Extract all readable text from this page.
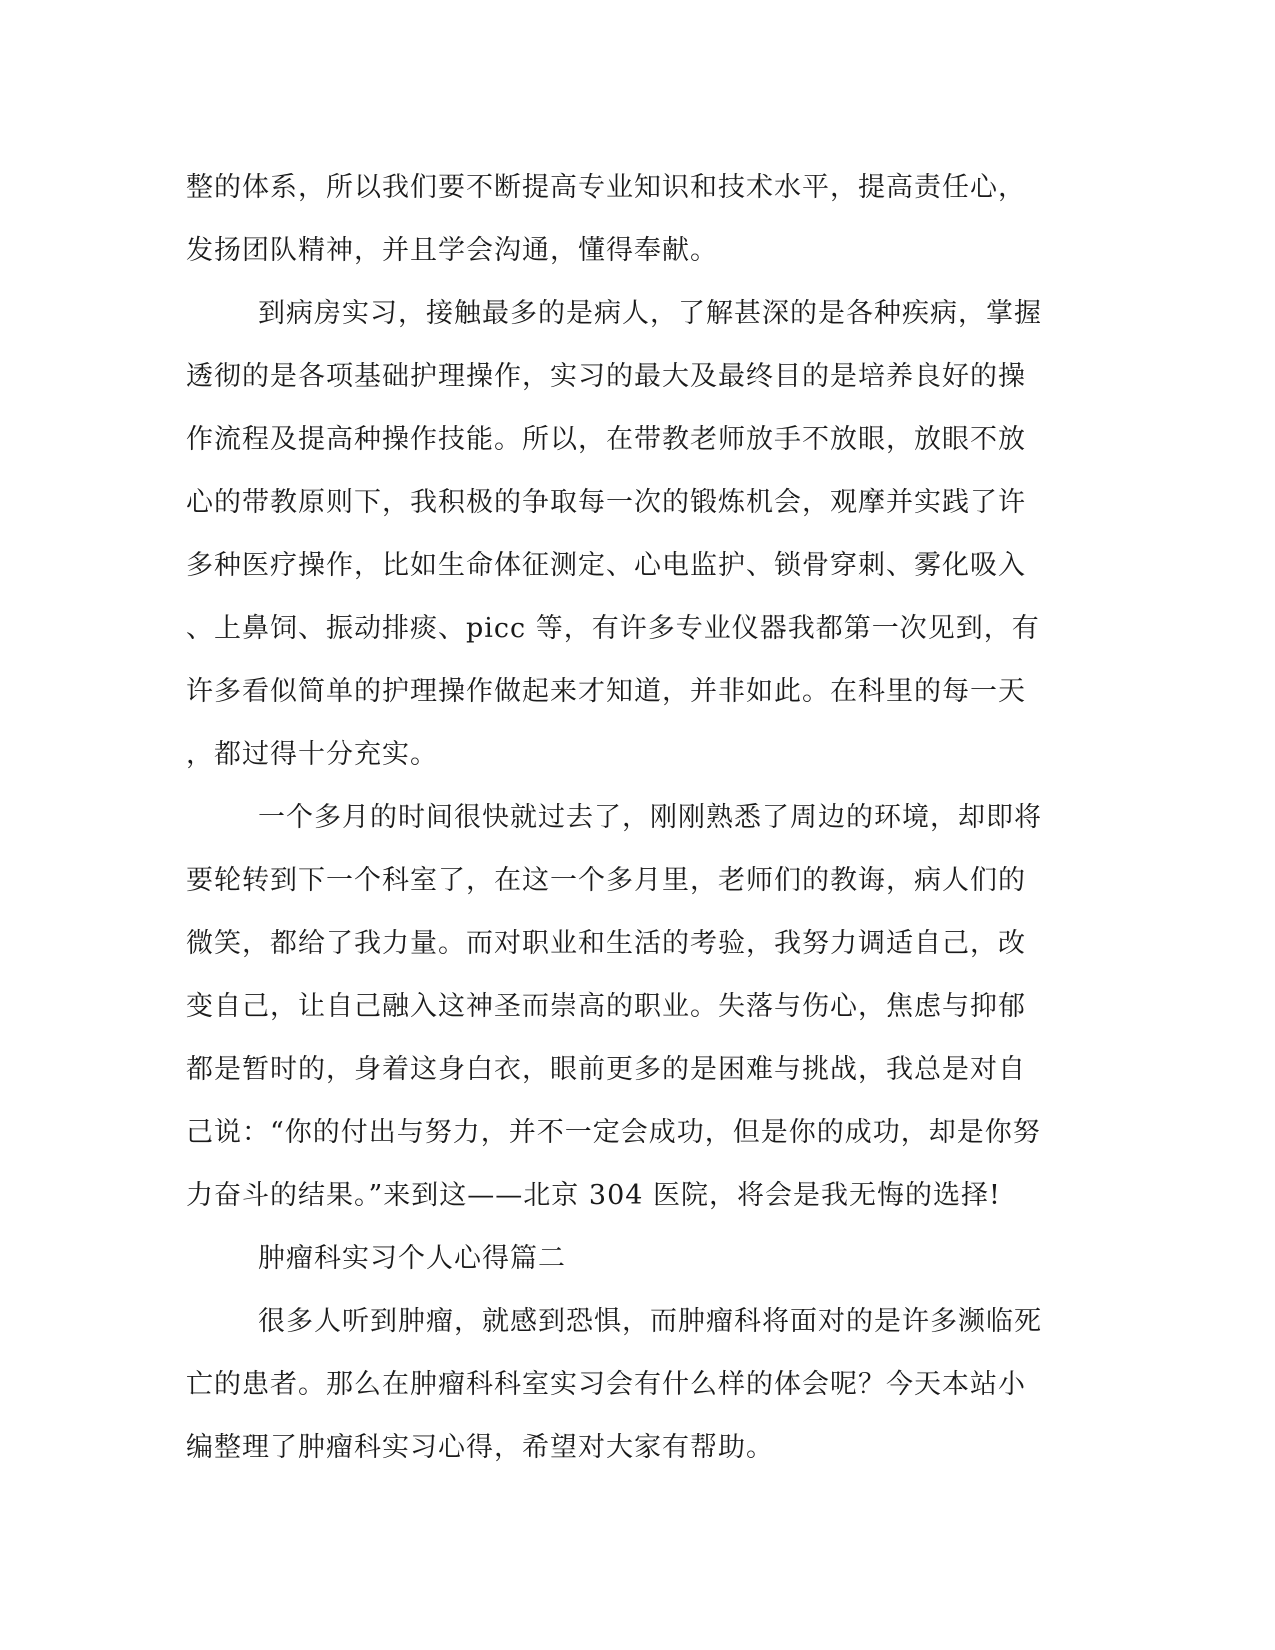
整的体系，所以我们要不断提高专业知识和技术水平，提高责任心，
发扬团队精神，并且学会沟通，懂得奉献。
到病房实习，接触最多的是病人，了解甚深的是各种疾病，掌握
透彻的是各项基础护理操作，实习的最大及最终目的是培养良好的操
作流程及提高种操作技能。所以，在带教老师放手不放眼，放眼不放
心的带教原则下，我积极的争取每一次的锻炼机会，观摩并实践了许
多种医疗操作，比如生命体征测定、心电监护、锁骨穿刺、雾化吸入
、上鼻饲、振动排痰、picc 等，有许多专业仪器我都第一次见到，有
许多看似简单的护理操作做起来才知道，并非如此。在科里的每一天
，都过得十分充实。
一个多月的时间很快就过去了，刚刚熟悉了周边的环境，却即将
要轮转到下一个科室了，在这一个多月里，老师们的教诲，病人们的
微笑，都给了我力量。而对职业和生活的考验，我努力调适自己，改
变自己，让自己融入这神圣而崇高的职业。失落与伤心，焦虑与抑郁
都是暂时的，身着这身白衣，眼前更多的是困难与挑战，我总是对自
己说：“你的付出与努力，并不一定会成功，但是你的成功，却是你努
力奋斗的结果。”来到这——北京 304 医院，将会是我无悔的选择!
肿瘤科实习个人心得篇二
很多人听到肿瘤，就感到恐惧，而肿瘤科将面对的是许多濒临死
亡的患者。那么在肿瘤科科室实习会有什么样的体会呢？今天本站小
编整理了肿瘤科实习心得，希望对大家有帮助。
